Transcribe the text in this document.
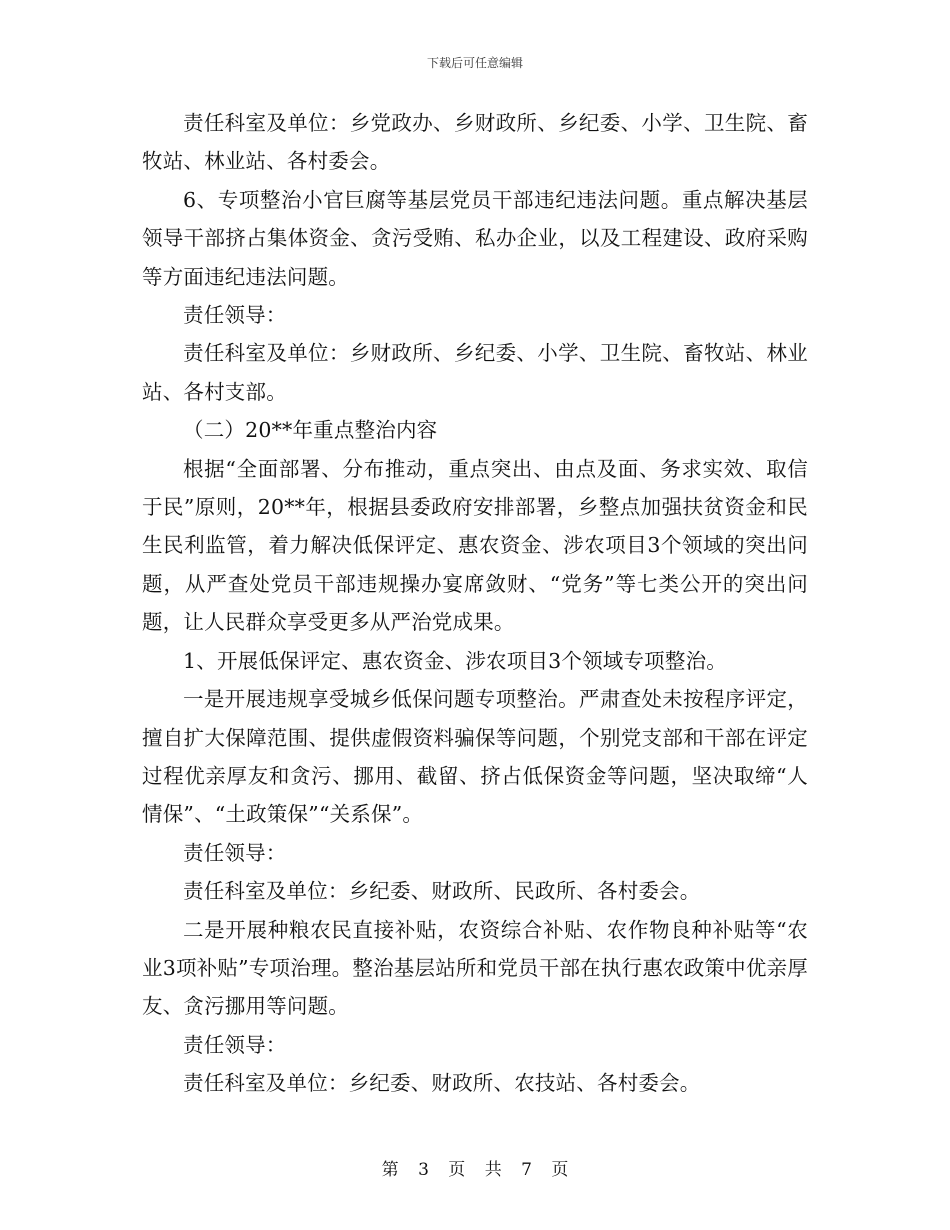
下载后可任意编辑

责任科室及单位：乡党政办、乡财政所、乡纪委、小学、卫生院、畜牧站、林业站、各村委会。

6、专项整治小官巨腐等基层党员干部违纪违法问题。重点解决基层领导干部挤占集体资金、贪污受贿、私办企业，以及工程建设、政府采购等方面违纪违法问题。

责任领导：

责任科室及单位：乡财政所、乡纪委、小学、卫生院、畜牧站、林业站、各村支部。

（二）20**年重点整治内容

根据“全面部署、分布推动，重点突出、由点及面、务求实效、取信于民”原则，20**年，根据县委政府安排部署，乡整点加强扶贫资金和民生民利监管，着力解决低保评定、惠农资金、涉农项目3个领域的突出问题，从严查处党员干部违规操办宴席敛财、“党务”等七类公开的突出问题，让人民群众享受更多从严治党成果。

1、开展低保评定、惠农资金、涉农项目3个领域专项整治。

一是开展违规享受城乡低保问题专项整治。严肃查处未按程序评定，擅自扩大保障范围、提供虚假资料骗保等问题，个别党支部和干部在评定过程优亲厚友和贪污、挪用、截留、挤占低保资金等问题，坚决取缔“人情保”、“土政策保”“关系保”。

责任领导：

责任科室及单位：乡纪委、财政所、民政所、各村委会。

二是开展种粮农民直接补贴，农资综合补贴、农作物良种补贴等“农业3项补贴”专项治理。整治基层站所和党员干部在执行惠农政策中优亲厚友、贪污挪用等问题。

责任领导：

责任科室及单位：乡纪委、财政所、农技站、各村委会。

第 3 页 共 7 页
